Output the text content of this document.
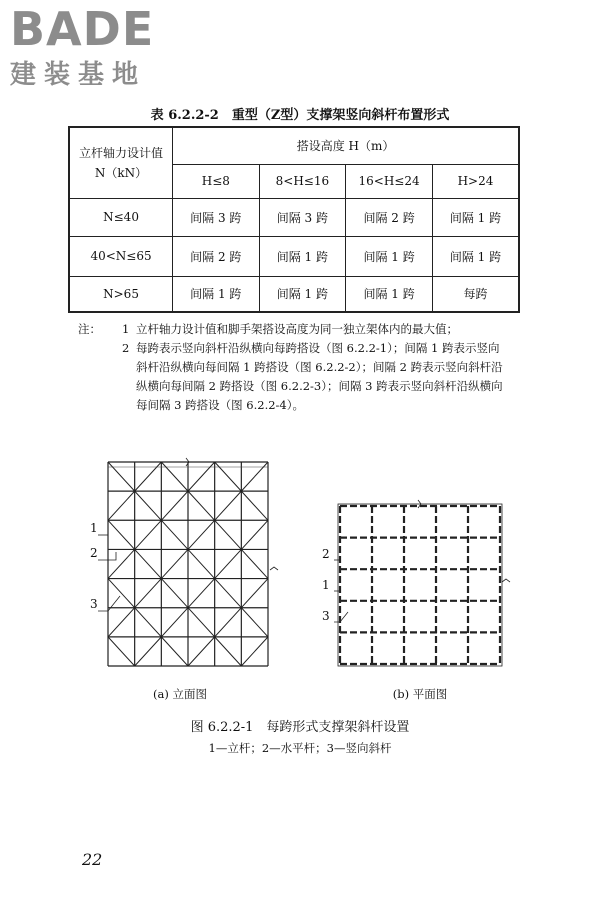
BADE
建装基地
表 6.2.2-2　重型（Z型）支撑架竖向斜杆布置形式
立杆轴力设计值
N（kN）	搭设高度 H（m）			
	H≤8	8<H≤16	16<H≤24	H>24
N≤40	间隔 3 跨	间隔 3 跨	间隔 2 跨	间隔 1 跨
40<N≤65	间隔 2 跨	间隔 1 跨	间隔 1 跨	间隔 1 跨
N>65	间隔 1 跨	间隔 1 跨	间隔 1 跨	每跨
注：	1 立杆轴力设计值和脚手架搭设高度为同一独立架体内的最大值；
2 每跨表示竖向斜杆沿纵横向每跨搭设（图 6.2.2-1）；间隔 1 跨表示竖向斜杆沿纵横向每间隔 1 跨搭设（图 6.2.2-2）；间隔 2 跨表示竖向斜杆沿纵横向每间隔 2 跨搭设（图 6.2.2-3）；间隔 3 跨表示竖向斜杆沿纵横向每间隔 3 跨搭设（图 6.2.2-4）。
1
2
3
(a) 立面图
2
1
3
(b) 平面图
图 6.2.2-1　每跨形式支撑架斜杆设置
1—立杆；2—水平杆；3—竖向斜杆
22
